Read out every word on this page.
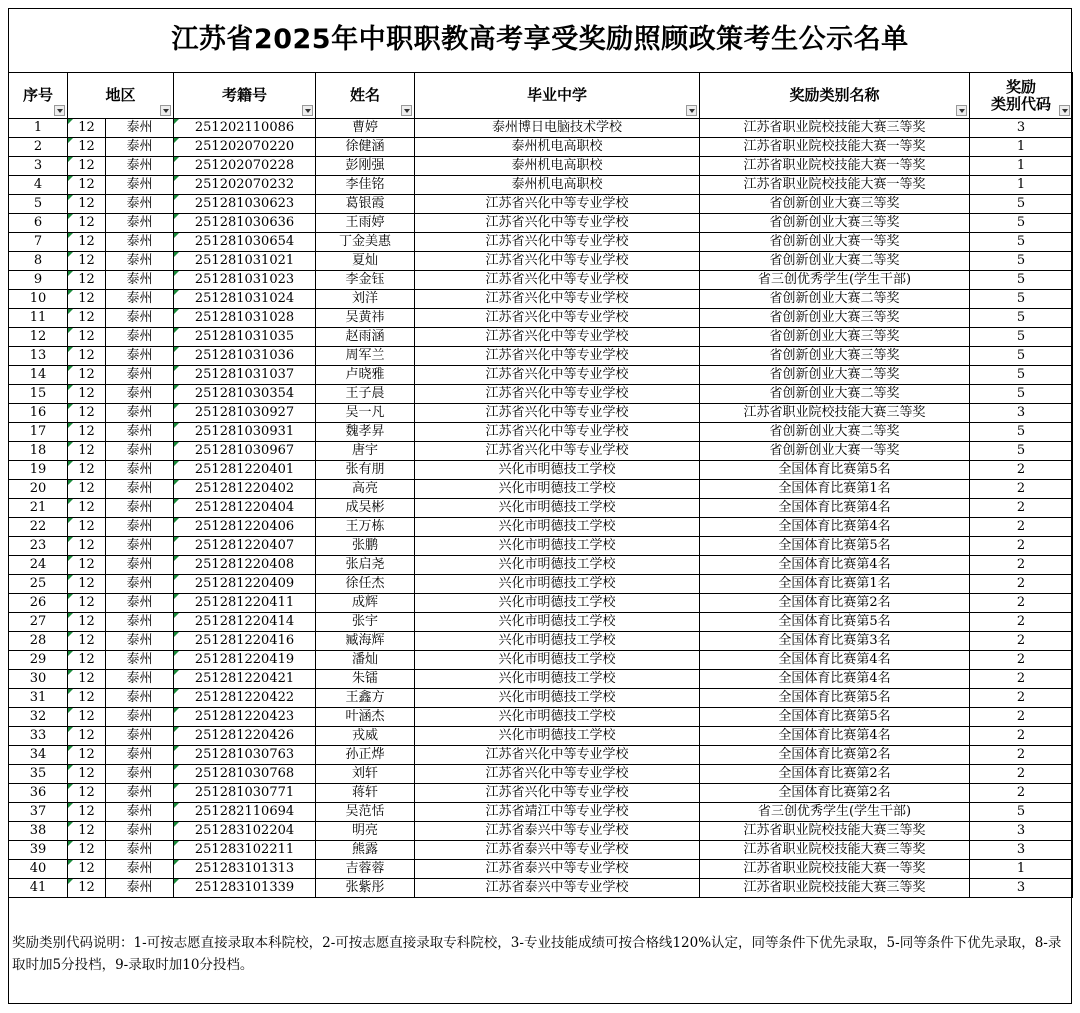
江苏省2025年中职职教高考享受奖励照顾政策考生公示名单
序号	地区		考籍号	姓名	毕业中学	奖励类别名称	奖励
类别代码

1	12	泰州	251202110086	曹婷	泰州博日电脑技术学校	江苏省职业院校技能大赛三等奖	3
2	12	泰州	251202070220	徐健涵	泰州机电高职校	江苏省职业院校技能大赛一等奖	1
3	12	泰州	251202070228	彭刚强	泰州机电高职校	江苏省职业院校技能大赛一等奖	1
4	12	泰州	251202070232	李佳铭	泰州机电高职校	江苏省职业院校技能大赛一等奖	1
5	12	泰州	251281030623	葛银霞	江苏省兴化中等专业学校	省创新创业大赛三等奖	5
6	12	泰州	251281030636	王雨婷	江苏省兴化中等专业学校	省创新创业大赛三等奖	5
7	12	泰州	251281030654	丁金美惠	江苏省兴化中等专业学校	省创新创业大赛一等奖	5
8	12	泰州	251281031021	夏灿	江苏省兴化中等专业学校	省创新创业大赛二等奖	5
9	12	泰州	251281031023	李金钰	江苏省兴化中等专业学校	省三创优秀学生(学生干部)	5
10	12	泰州	251281031024	刘洋	江苏省兴化中等专业学校	省创新创业大赛二等奖	5
11	12	泰州	251281031028	吴黄祎	江苏省兴化中等专业学校	省创新创业大赛三等奖	5
12	12	泰州	251281031035	赵雨涵	江苏省兴化中等专业学校	省创新创业大赛三等奖	5
13	12	泰州	251281031036	周军兰	江苏省兴化中等专业学校	省创新创业大赛三等奖	5
14	12	泰州	251281031037	卢晓雅	江苏省兴化中等专业学校	省创新创业大赛二等奖	5
15	12	泰州	251281030354	王子晨	江苏省兴化中等专业学校	省创新创业大赛二等奖	5
16	12	泰州	251281030927	吴一凡	江苏省兴化中等专业学校	江苏省职业院校技能大赛三等奖	3
17	12	泰州	251281030931	魏孝昇	江苏省兴化中等专业学校	省创新创业大赛二等奖	5
18	12	泰州	251281030967	唐宇	江苏省兴化中等专业学校	省创新创业大赛一等奖	5
19	12	泰州	251281220401	张有朋	兴化市明德技工学校	全国体育比赛第5名	2
20	12	泰州	251281220402	高亮	兴化市明德技工学校	全国体育比赛第1名	2
21	12	泰州	251281220404	成吴彬	兴化市明德技工学校	全国体育比赛第4名	2
22	12	泰州	251281220406	王万栋	兴化市明德技工学校	全国体育比赛第4名	2
23	12	泰州	251281220407	张鹏	兴化市明德技工学校	全国体育比赛第5名	2
24	12	泰州	251281220408	张启尧	兴化市明德技工学校	全国体育比赛第4名	2
25	12	泰州	251281220409	徐任杰	兴化市明德技工学校	全国体育比赛第1名	2
26	12	泰州	251281220411	成辉	兴化市明德技工学校	全国体育比赛第2名	2
27	12	泰州	251281220414	张宇	兴化市明德技工学校	全国体育比赛第5名	2
28	12	泰州	251281220416	臧海辉	兴化市明德技工学校	全国体育比赛第3名	2
29	12	泰州	251281220419	潘灿	兴化市明德技工学校	全国体育比赛第4名	2
30	12	泰州	251281220421	朱镭	兴化市明德技工学校	全国体育比赛第4名	2
31	12	泰州	251281220422	王鑫方	兴化市明德技工学校	全国体育比赛第5名	2
32	12	泰州	251281220423	叶涵杰	兴化市明德技工学校	全国体育比赛第5名	2
33	12	泰州	251281220426	戎威	兴化市明德技工学校	全国体育比赛第4名	2
34	12	泰州	251281030763	孙正烨	江苏省兴化中等专业学校	全国体育比赛第2名	2
35	12	泰州	251281030768	刘轩	江苏省兴化中等专业学校	全国体育比赛第2名	2
36	12	泰州	251281030771	蒋轩	江苏省兴化中等专业学校	全国体育比赛第2名	2
37	12	泰州	251282110694	吴范恬	江苏省靖江中等专业学校	省三创优秀学生(学生干部)	5
38	12	泰州	251283102204	明亮	江苏省泰兴中等专业学校	江苏省职业院校技能大赛三等奖	3
39	12	泰州	251283102211	熊露	江苏省泰兴中等专业学校	江苏省职业院校技能大赛三等奖	3
40	12	泰州	251283101313	吉蓉蓉	江苏省泰兴中等专业学校	江苏省职业院校技能大赛一等奖	1
41	12	泰州	251283101339	张紫彤	江苏省泰兴中等专业学校	江苏省职业院校技能大赛三等奖	3
奖励类别代码说明：1-可按志愿直接录取本科院校，2-可按志愿直接录取专科院校，3-专业技能成绩可按合格线120%认定，同等条件下优先录取，5-同等条件下优先录取，8-录取时加5分投档，9-录取时加10分投档。
